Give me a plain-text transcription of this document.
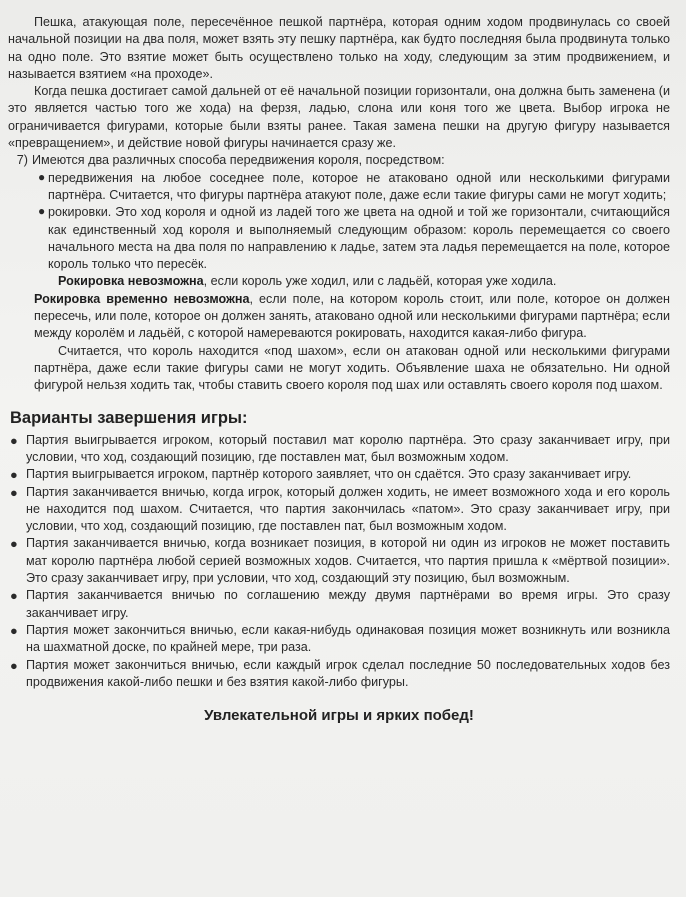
Пешка, атакующая поле, пересечённое пешкой партнёра, которая одним ходом продвинулась со своей начальной позиции на два поля, может взять эту пешку партнёра, как будто последняя была продвинута только на одно поле. Это взятие может быть осуществлено только на ходу, следующим за этим продвижением, и называется взятием «на проходе».

Когда пешка достигает самой дальней от её начальной позиции горизонтали, она должна быть заменена (и это является частью того же хода) на ферзя, ладью, слона или коня того же цвета. Выбор игрока не ограничивается фигурами, которые были взяты ранее. Такая замена пешки на другую фигуру называется «превращением», и действие новой фигуры начинается сразу же.

7) Имеются два различных способа передвижения короля, посредством:

● передвижения на любое соседнее поле, которое не атаковано одной или несколькими фигурами партнёра. Считается, что фигуры партнёра атакуют поле, даже если такие фигуры сами не могут ходить;

● рокировки. Это ход короля и одной из ладей того же цвета на одной и той же горизонтали, считающийся как единственный ход короля и выполняемый следующим образом: король перемещается со своего начального места на два поля по направлению к ладье, затем эта ладья перемещается на поле, которое король только что пересёк.

Рокировка невозможна, если король уже ходил, или с ладьёй, которая уже ходила.

Рокировка временно невозможна, если поле, на котором король стоит, или поле, которое он должен пересечь, или поле, которое он должен занять, атаковано одной или несколькими фигурами партнёра; если между королём и ладьёй, с которой намереваются рокировать, находится какая-либо фигура.

Считается, что король находится «под шахом», если он атакован одной или несколькими фигурами партнёра, даже если такие фигуры сами не могут ходить. Объявление шаха не обязательно. Ни одной фигурой нельзя ходить так, чтобы ставить своего короля под шах или оставлять своего короля под шахом.

Варианты завершения игры:
● Партия выигрывается игроком, который поставил мат королю партнёра. Это сразу заканчивает игру, при условии, что ход, создающий позицию, где поставлен мат, был возможным ходом.

● Партия выигрывается игроком, партнёр которого заявляет, что он сдаётся. Это сразу заканчивает игру.

● Партия заканчивается вничью, когда игрок, который должен ходить, не имеет возможного хода и его король не находится под шахом. Считается, что партия закончилась «патом». Это сразу заканчивает игру, при условии, что ход, создающий позицию, где поставлен пат, был возможным ходом.

● Партия заканчивается вничью, когда возникает позиция, в которой ни один из игроков не может поставить мат королю партнёра любой серией возможных ходов. Считается, что партия пришла к «мёртвой позиции». Это сразу заканчивает игру, при условии, что ход, создающий эту позицию, был возможным.

● Партия заканчивается вничью по соглашению между двумя партнёрами во время игры. Это сразу заканчивает игру.

● Партия может закончиться вничью, если какая-нибудь одинаковая позиция может возникнуть или возникла на шахматной доске, по крайней мере, три раза.

● Партия может закончиться вничью, если каждый игрок сделал последние 50 последовательных ходов без продвижения какой-либо пешки и без взятия какой-либо фигуры.

Увлекательной игры и ярких побед!
